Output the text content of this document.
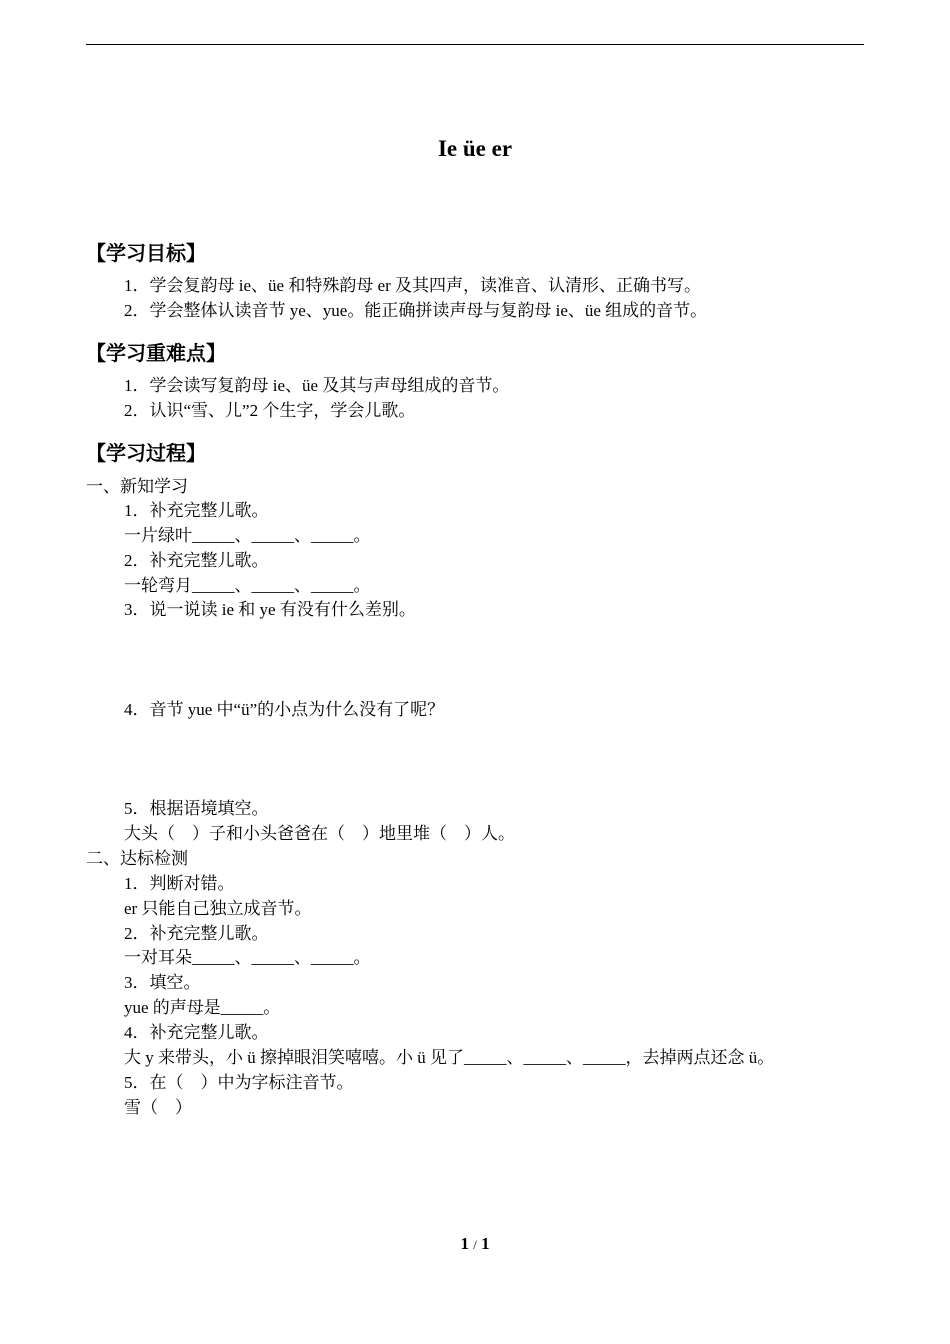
Ie üe er
【学习目标】
1．学会复韵母 ie、üe 和特殊韵母 er 及其四声，读准音、认清形、正确书写。
2．学会整体认读音节 ye、yue。能正确拼读声母与复韵母 ie、üe 组成的音节。
【学习重难点】
1．学会读写复韵母 ie、üe 及其与声母组成的音节。
2．认识“雪、儿”2 个生字，学会儿歌。
【学习过程】
一、新知学习
1．补充完整儿歌。
一片绿叶_____、_____、_____。
2．补充完整儿歌。
一轮弯月_____、_____、_____。
3．说一说读 ie 和 ye 有没有什么差别。
4．音节 yue 中“ü”的小点为什么没有了呢？
5．根据语境填空。
大头（　）子和小头爸爸在（　）地里堆（　）人。
二、达标检测
1．判断对错。
er 只能自己独立成音节。
2．补充完整儿歌。
一对耳朵_____、_____、_____。
3．填空。
yue 的声母是_____。
4．补充完整儿歌。
大 y 来带头，小 ü 擦掉眼泪笑嘻嘻。小 ü 见了_____、_____、_____，去掉两点还念 ü。
5．在（　）中为字标注音节。
雪（　）
1 / 1
